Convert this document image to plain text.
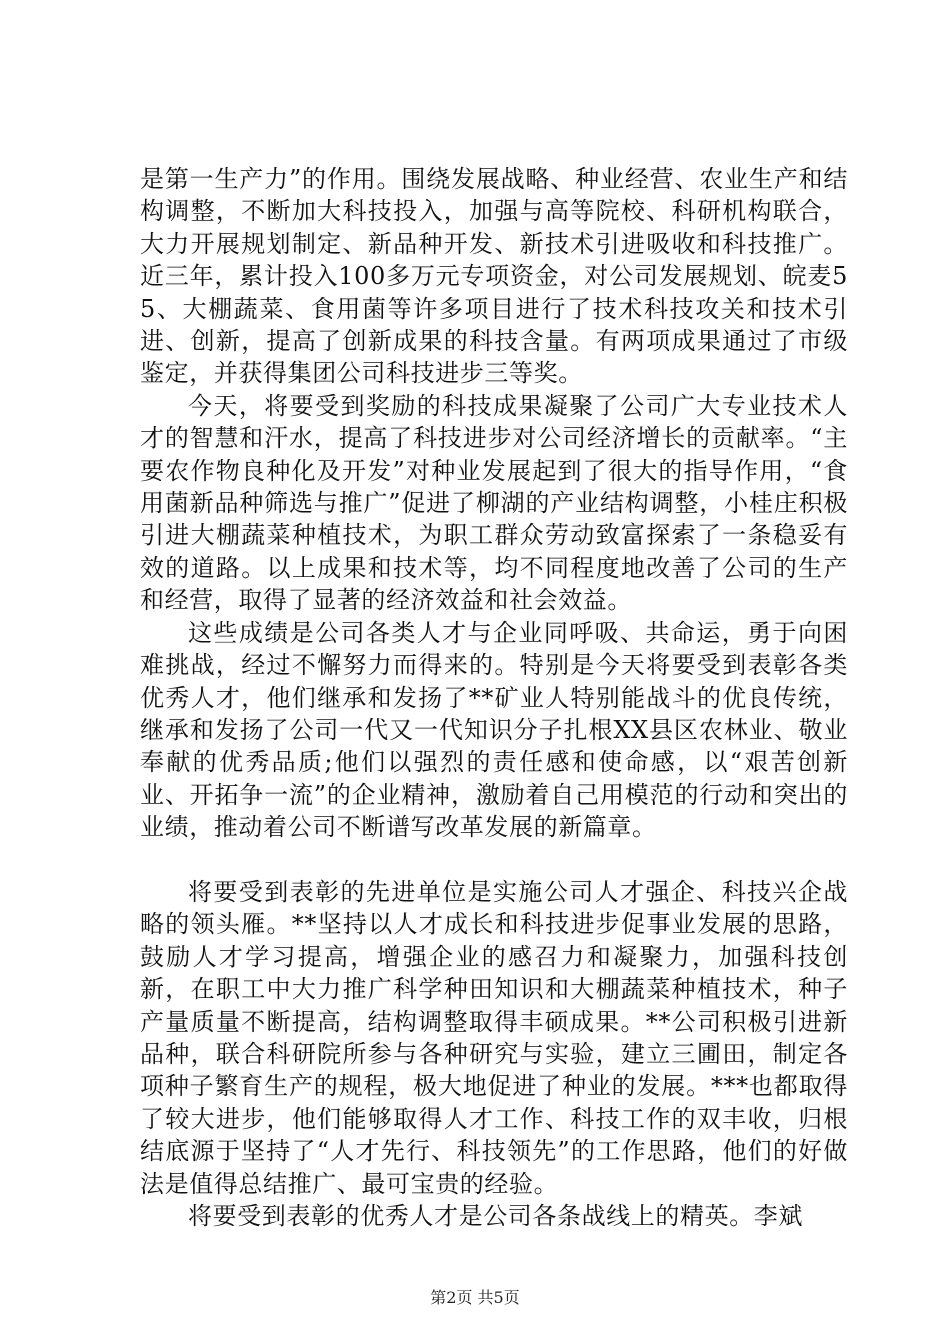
是第一生产力”的作用。围绕发展战略、种业经营、农业生产和结构调整，不断加大科技投入，加强与高等院校、科研机构联合，大力开展规划制定、新品种开发、新技术引进吸收和科技推广。近三年，累计投入100多万元专项资金，对公司发展规划、皖麦55、大棚蔬菜、食用菌等许多项目进行了技术科技攻关和技术引进、创新，提高了创新成果的科技含量。有两项成果通过了市级鉴定，并获得集团公司科技进步三等奖。

今天，将要受到奖励的科技成果凝聚了公司广大专业技术人才的智慧和汗水，提高了科技进步对公司经济增长的贡献率。“主要农作物良种化及开发”对种业发展起到了很大的指导作用，“食用菌新品种筛选与推广”促进了柳湖的产业结构调整，小桂庄积极引进大棚蔬菜种植技术，为职工群众劳动致富探索了一条稳妥有效的道路。以上成果和技术等，均不同程度地改善了公司的生产和经营，取得了显著的经济效益和社会效益。

这些成绩是公司各类人才与企业同呼吸、共命运，勇于向困难挑战，经过不懈努力而得来的。特别是今天将要受到表彰各类优秀人才，他们继承和发扬了**矿业人特别能战斗的优良传统，继承和发扬了公司一代又一代知识分子扎根XX县区农林业、敬业奉献的优秀品质;他们以强烈的责任感和使命感，以“艰苦创新业、开拓争一流”的企业精神，激励着自己用模范的行动和突出的业绩，推动着公司不断谱写改革发展的新篇章。

将要受到表彰的先进单位是实施公司人才强企、科技兴企战略的领头雁。**坚持以人才成长和科技进步促事业发展的思路，鼓励人才学习提高，增强企业的感召力和凝聚力，加强科技创新，在职工中大力推广科学种田知识和大棚蔬菜种植技术，种子产量质量不断提高，结构调整取得丰硕成果。**公司积极引进新品种，联合科研院所参与各种研究与实验，建立三圃田，制定各项种子繁育生产的规程，极大地促进了种业的发展。***也都取得了较大进步，他们能够取得人才工作、科技工作的双丰收，归根结底源于坚持了“人才先行、科技领先”的工作思路，他们的好做法是值得总结推广、最可宝贵的经验。

将要受到表彰的优秀人才是公司各条战线上的精英。李斌

第2页 共5页
